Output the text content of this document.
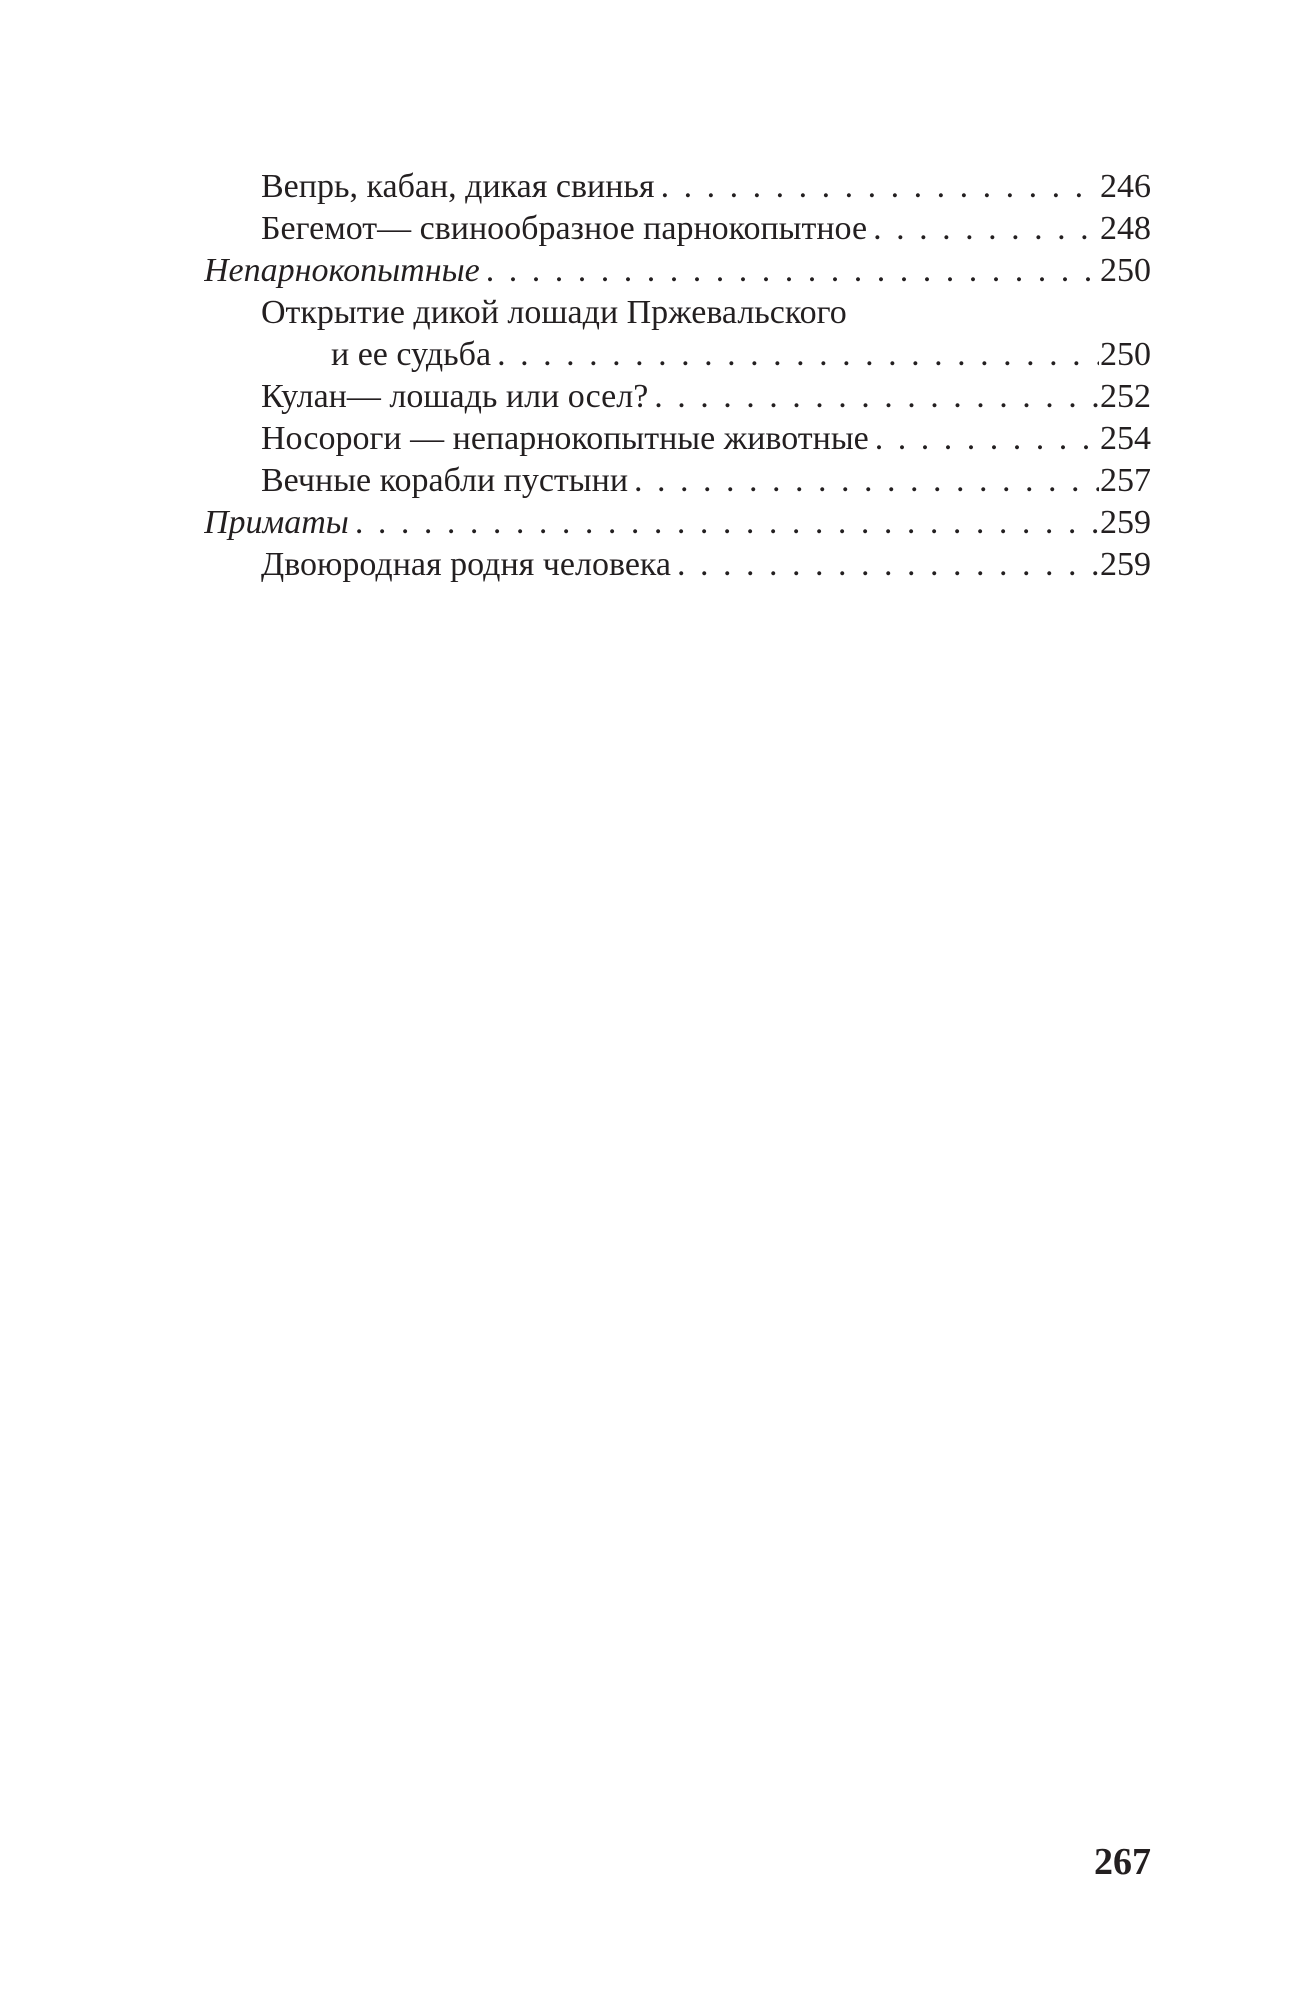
Вепрь, кабан, дикая свинья . . .	246
Бегемот— свинообразное парнокопытное . . .	248
Непарнокопытные . . .	250
Открытие дикой лошади Пржевальского
и ее судьба . . .	250
Кулан— лошадь или осел? . . .	252
Носороги — непарнокопытные животные . . .	254
Вечные корабли пустыни . . .	257
Приматы . . .	259
Двоюродная родня человека . . .	259
267
